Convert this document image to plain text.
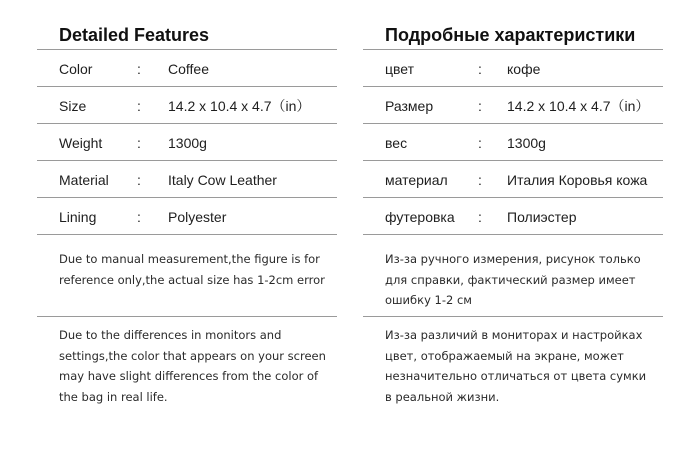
Detailed Features
Color	: Coffee
Size	: 14.2 x 10.4 x 4.7（in）
Weight : 1300g
Material : Italy Cow Leather
Lining	: Polyester
Due to manual measurement,the figure is for reference only,the actual size has 1-2cm error
Due to the differences in monitors and settings,the color that appears on your screen may have slight differences from the color of the bag in real life.
Подробные характеристики
цвет	: кофе
Размер	: 14.2 x 10.4 x 4.7（in）
вес	: 1300g
материал : Италия Коровья кожа
футеровка : Полиэстер
Из-за ручного измерения, рисунок только для справки, фактический размер имеет ошибку 1-2 см
Из-за различий в мониторах и настройках цвет, отображаемый на экране, может незначительно отличаться от цвета сумки в реальной жизни.
